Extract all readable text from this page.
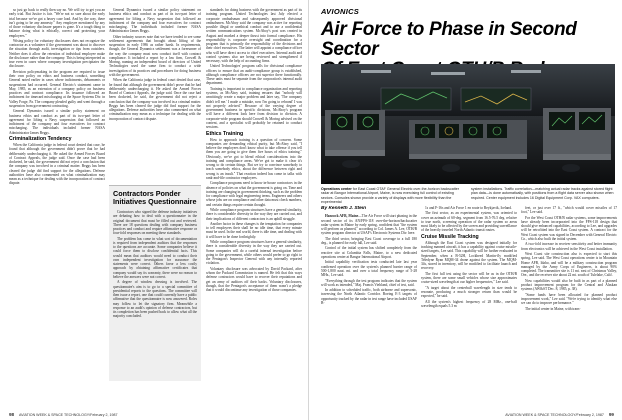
so just go back to really then say no. We will try to get you an early trial. But Justice is fair. "We're not so sure about the early trial because we've got a heavy case load. And by the way, there isn't going to be any amnesty." Any employee mentioned by any of those voluntary disclosure papers is gone. It's a tough thing to balance doing what is ethically, correct and protecting your employees."

Wising policy for voluntary disclosures does not recognize the contractor as a volunteer if the government was about to discover the situation through audit, investigation or tips from outsiders. Neither does it allow the retention of individual employee make the disclosure rather than the company. This is being interpreted as true even in cases where company investigation precipitates the disclosure.

Revision policymaking in the program are required to issue their own policy on ethics and business conduct, something General noted earlier in cases where indictments, debarments or suspensions had occurred. General Electric's statement came in May, 1985, as an extension of a company policy on business practices and contract compliance. Its issuance followed an indictment for timecard mischarging at the Space Systems Div. in Valley Forge, Pa. The company pleaded guilty and went through a suspension from government contracting.

General Dynamics issued a similar policy statement on business ethics and conduct as part of its two-part letter of agreement for lifting a Navy suspension that followed an indictment of the company and four executives for contract mischarging. The individuals included former NASA Administrator James Beggs.

Criminalization Tendency

When the California judge in federal court denied that case, he found that although the government didn't prove that he had deliberately undercharging it. He asked the Armed Forces Board of Contract Appeals, the judge said. Once the case had been docketed, he said, the government did not reject a conclusion that the company was involved in a criminal matter. Beggs has been cleared the judge did find support for the allegations. Defense authorities have also commented on what criminalization may mean as a technique for dealing with the incorporation of contract dispute.

General Dynamics issued a similar policy statement on business ethics and conduct as part of its two-part letter of agreement for lifting a Navy suspension that followed an indictment of the company and four executives for contract mischarging. The individuals included former NASA Administrator James Beggs.

Other industry sources note that we have tended to see some settlement agreements that brought about lifting of the suspension in early 1986 as rather harsh. In requirements, though, the General Dynamics settlement was a forerunner of the way the company must now conduct itself with contract compliance. It included a report by a law firm, Crowell & Moring, naming an independent board of directors of United Technologies used the same firm to conduct a wide investigation of its practices and procedures for doing business with the government.

When the California judge in federal court denied that case, he found that although the government didn't prove that he had deliberately undercharging it. He asked the Armed Forces Board of Contract Appeals, the judge said. Once the case had been docketed, he said, the government did not reject a conclusion that the company was involved in a criminal matter. Beggs has been cleared the judge did find support for the allegations. Defense authorities have also commented on what criminalization may mean as a technique for dealing with the incorporation of contract dispute.

Contractors Ponder Initiatives Questionnaire

Contractors who signed the defense industry initiatives are debating how to deal with a questionnaire in the original document that must be filled out and reviewed. There are 18 questions dealing with company business practices and conduct and require affirmative response or four-fold responses on meeting these standards.

The problem has come in what sort of documentation is required from independent auditors that the responses to the questions are accurate. Some companies believe it could force them to disclose confidential facts. This would mean that auditors would need to conduct their own independent investigation for assurance the statements were correct. Others favor a less costly approach by obtaining affirmative certificates that company would say its warranty, there were no reason to believe the answers were not correct.

A degree of window dressing is involved. The questionnaire's aim is to go to a special committee of presidential reports to the questions. The committee will then issue a report, one that could currently have a public affirmative that the questionnaire is now answered. Roles may follow to let the signatory firm. Meanwhile a response to an audit's opinion of defense contractors, but its completion has been pushed back to allow what all the majority concluded.

standards for doing business with the government as part of its training program. United Technologies last July elected a corporate ombudsman and subsequently approved divisional ombudsmen. McAboy said the company was active for reporting possible illegal or unethical conduct and to use a confidential written communications system. McAboy's post was created in August and marked a deeper thrust into formal compliance. His responsibility is corporate oversight and coordination for a program that is primarily the responsibility of the divisions and their chief executives. The latter will appoint a compliance officer who will have direct access to chief executives. Internal audit and control systems also are being reviewed and strengthened if necessary, with the help of accounting firms.

United Technologies' program calls for divisional compliance officers to ensure that an audit-compliance group is established, although compliance officers are not superior there functionally. These units must be separate from the corporation's internal audit department.

Training is important to compliance organization and reporting systems, as McAboy said, training ensures that "nobody will unwittingly create a major problem and later say, 'The company didn't tell me.' I made a mistake, now I'm going to rebrand' I was not properly advised." Because of the varying degree of government business in specific divisions, McAboy's program will have a different look here from division to division. A corporate-wide program should Crowell & Moring advised on the content, and a specialist will probably be retained to conduct sessions.

Ethics Training

How to approach training is a question of concern. Some companies are demanding ethical purity, but McAboy said, "I believe the employees don't know what to take offense if you tell them you are going to give them five hours of ethics training." Obviously, we've got to blend ethical considerations into the training and compliance areas. We've got to make it clear it's wrong to do certain things. But we try to convince somebody to teach somebody ethics, about the difference between right and wrong is an insult." That reaction indeed has come in talks with rank-and-file contractor employees.

Compliance programs need to know in-house contractors in the absence of policies on what the government is going on. Time and training are changing in government thinking, such as the problem for compliance with legal engineering terms. Engineers and others whose jobs are on compliance and other data must check numbers, and certain things require certain thought.

While compliance program structures have a general similarity, there is considerable diversity in the way they are carried out, and their implications of different contractors is an uphill struggle.

Another factor in these changes is the temptation for companies to tell employees their shall be no idle time, that every minute must be used. In the real world, there is idle time, and dealing with it will have to be done forthrightly.

While compliance program structures have a general similarity, there is considerable diversity in the way they are carried out. Some companies will do a careful internal investigation before going to the government, while others would prefer to go right to the Pentagon's Inspector General with any internally reported violation.

Voluntary disclosure was advocated by David Packard, after whom the Packard Commission is named. He felt that this ways defense contractors would have to recover their reputations and get an army of auditors off their backs. Voluntary disclosures, though, that the Pentagon's acceptance of them wasn't a pledge that it would discontinue any investigation of those companies.

98 AVIATION WEEK & SPACE TECHNOLOGY/February 2, 1987
AVIONICS
Air Force to Phase in Second Sector
Operations center for East Coast OTAF General Electric over-the-horizon backscatter radar at Bangor International Airport, Maine, is now exercising full control of existing sectors. Consoles shown provide a variety of displays with more flexibility than the experimentalsystem installations. Traffic correlation—matching actual radar tracks against stored flight plan data—is done automatically, with positions from a flight data server also shown when required. Center equipment includes 16 Digital Equipment Corp. VAX computers.
By Kenneth J. Stein

Hancock AFB, Maine—The Air Force will start phasing in the second sector of its AN/FPS-118 over-the-horizon/backscatter radar system in Maine by early spring, confident that "the system will perform as planned," according to Col. James A. Lee, OTH/B system program director at USAF's Electronic Systems Div. here.

The third sector, bringing East Coast coverage to a full 180 deg., is planned for early fall, Lee said.

Control of the initial system has shifted completely from the reactive site at Columbia Falls, Maine, to a new dedicated operations center at Bangor International Airport.

Initial capability verification tests conducted late last year confirmed operation over the system's planned barrier range of 500-1,800 naut. mi. and over a total frequency range of 5-28 MHz., Lee said.

"Everything through the test program indicates that the system will work as intended," Maj. Francis Viehland, chief of test, said.

In addition to scheduled traffic, both airborne and supersonic, traversing the North Atlantic Corridor. Boeing E-3 targets of opportunity tracked by the radar in test range have included USAF B-

1s and F-16s and Air Force 1 en route to Reykjavik, Iceland.

The first sector, as an experimental system, was oriented to cover an azimuth of 60-deg. segment from 16.5-76.5 deg. relative to true north, screening operation of the radar system so areas most likely to be affected by the screen and providing surveillance of the heavily traveled North Atlantic transit routes.

Cruise Missile Tracking

Although the East Coast system was designed initially for tracking manned aircraft, it has a capability against cruise missile-sized targets, Lee said. This capability will be further evaluated in September, when a B-52H, Lockheed Martin-fly modified Teledyne Ryan MQM-34 drone against the system. The MQM-34s, stored in inventory, will be modified to facilitate launch and recovery.

The first full test using the sector will be as in the OTH/B system, there are some small vehicles whose size approximates cruise-sized wavelength at our higher frequencies," Lee said.

"A target about the centerball wavelength in size tends to resonate, producing a much stronger return than would be expected," he said.

All the system's highest frequency of 28 MHz., one-half wavelength equals 5.3 m

feet, or just over 17 ft., "which would cover missiles of 17 foot," Lee said.

For the West Coast OTH/B radar systems, some improvements have already been incorporated into the FPS-118 design that should give enhanced capabilities, according to Lee, and upgrades will be retrofitted into the East Coast system. A contract for the West Coast system was signed in December with General Electric Co., which also built the initial system.

A two-fold increase in receiver sensitivity and better immunity from electronics will be achieved in the West Coast installation.

West Coast site construction also is expected to start this spring, Lee said. The West Coast operations center is in Mountain Home AFB, Idaho, and will be a military construction program managed by the Army Corps of Engineers, is about 90% completed. The transmitter site is 11 mi. east of Christmas Valley, Ore., and the receiver site about 22 mi. south of Tulelake, Calif.

Now capabilities would also be built in as part of a planned product improvement program for the Central and Alaskan systems (AW&ST Dec. 8, 1985, p. 38).

"Some funds have been allocated for planned product improvement work," Lee said. "We're trying to identify what else we can do to improve performance."

The initial center in Maine, with trans-

AVIATION WEEK & SPACE TECHNOLOGY/February 2, 1987 99
